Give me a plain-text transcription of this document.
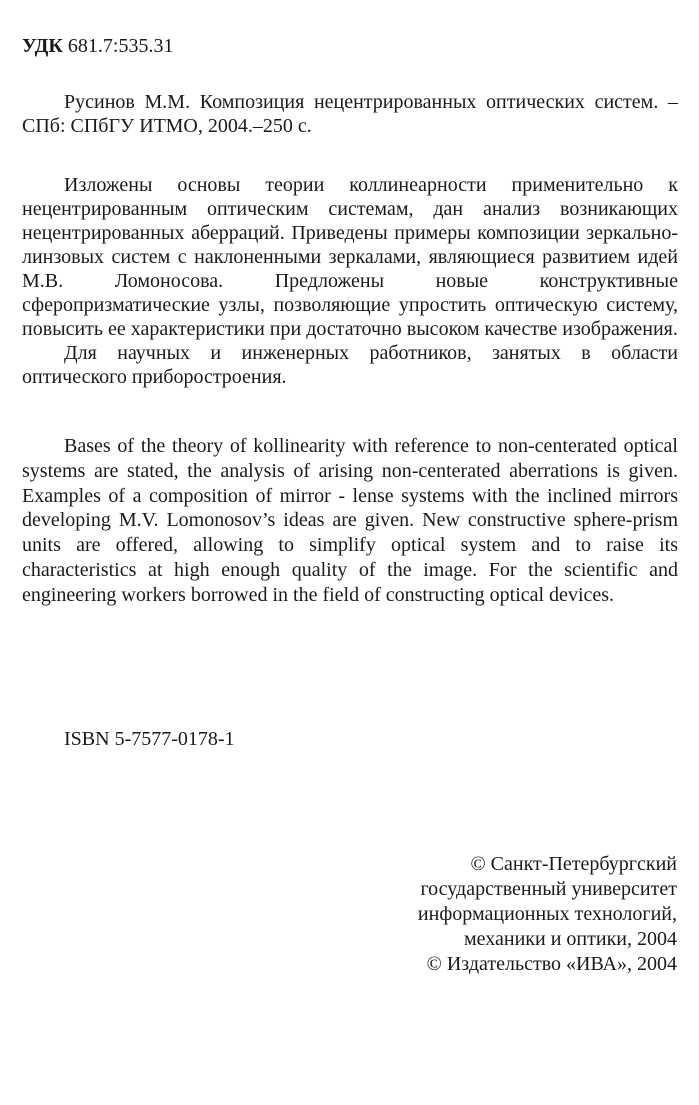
УДК 681.7:535.31

Русинов М.М. Композиция нецентрированных оптических систем. – СПб: СПбГУ ИТМО, 2004.–250 с.

Изложены основы теории коллинеарности применительно к нецентрированным оптическим системам, дан анализ возникающих нецентрированных аберраций. Приведены примеры композиции зеркально-линзовых систем с наклоненными зеркалами, являющиеся развитием идей М.В. Ломоносова. Предложены новые конструктивные сферопризматические узлы, позволяющие упростить оптическую систему, повысить ее характеристики при достаточно высоком качестве изображения.

Для научных и инженерных работников, занятых в области оптического приборостроения.

Bases of the theory of kollinearity with reference to non-centerated optical systems are stated, the analysis of arising non-centerated aberrations is given. Examples of a composition of mirror - lense systems with the inclined mirrors developing M.V. Lomonosov’s ideas are given. New constructive sphere-prism units are offered, allowing to simplify optical system and to raise its characteristics at high enough quality of the image. For the scientific and engineering workers borrowed in the field of constructing optical devices.

ISBN 5-7577-0178-1
© Санкт-Петербургский
государственный университет
информационных технологий,
механики и оптики, 2004
© Издательство «ИВА», 2004
